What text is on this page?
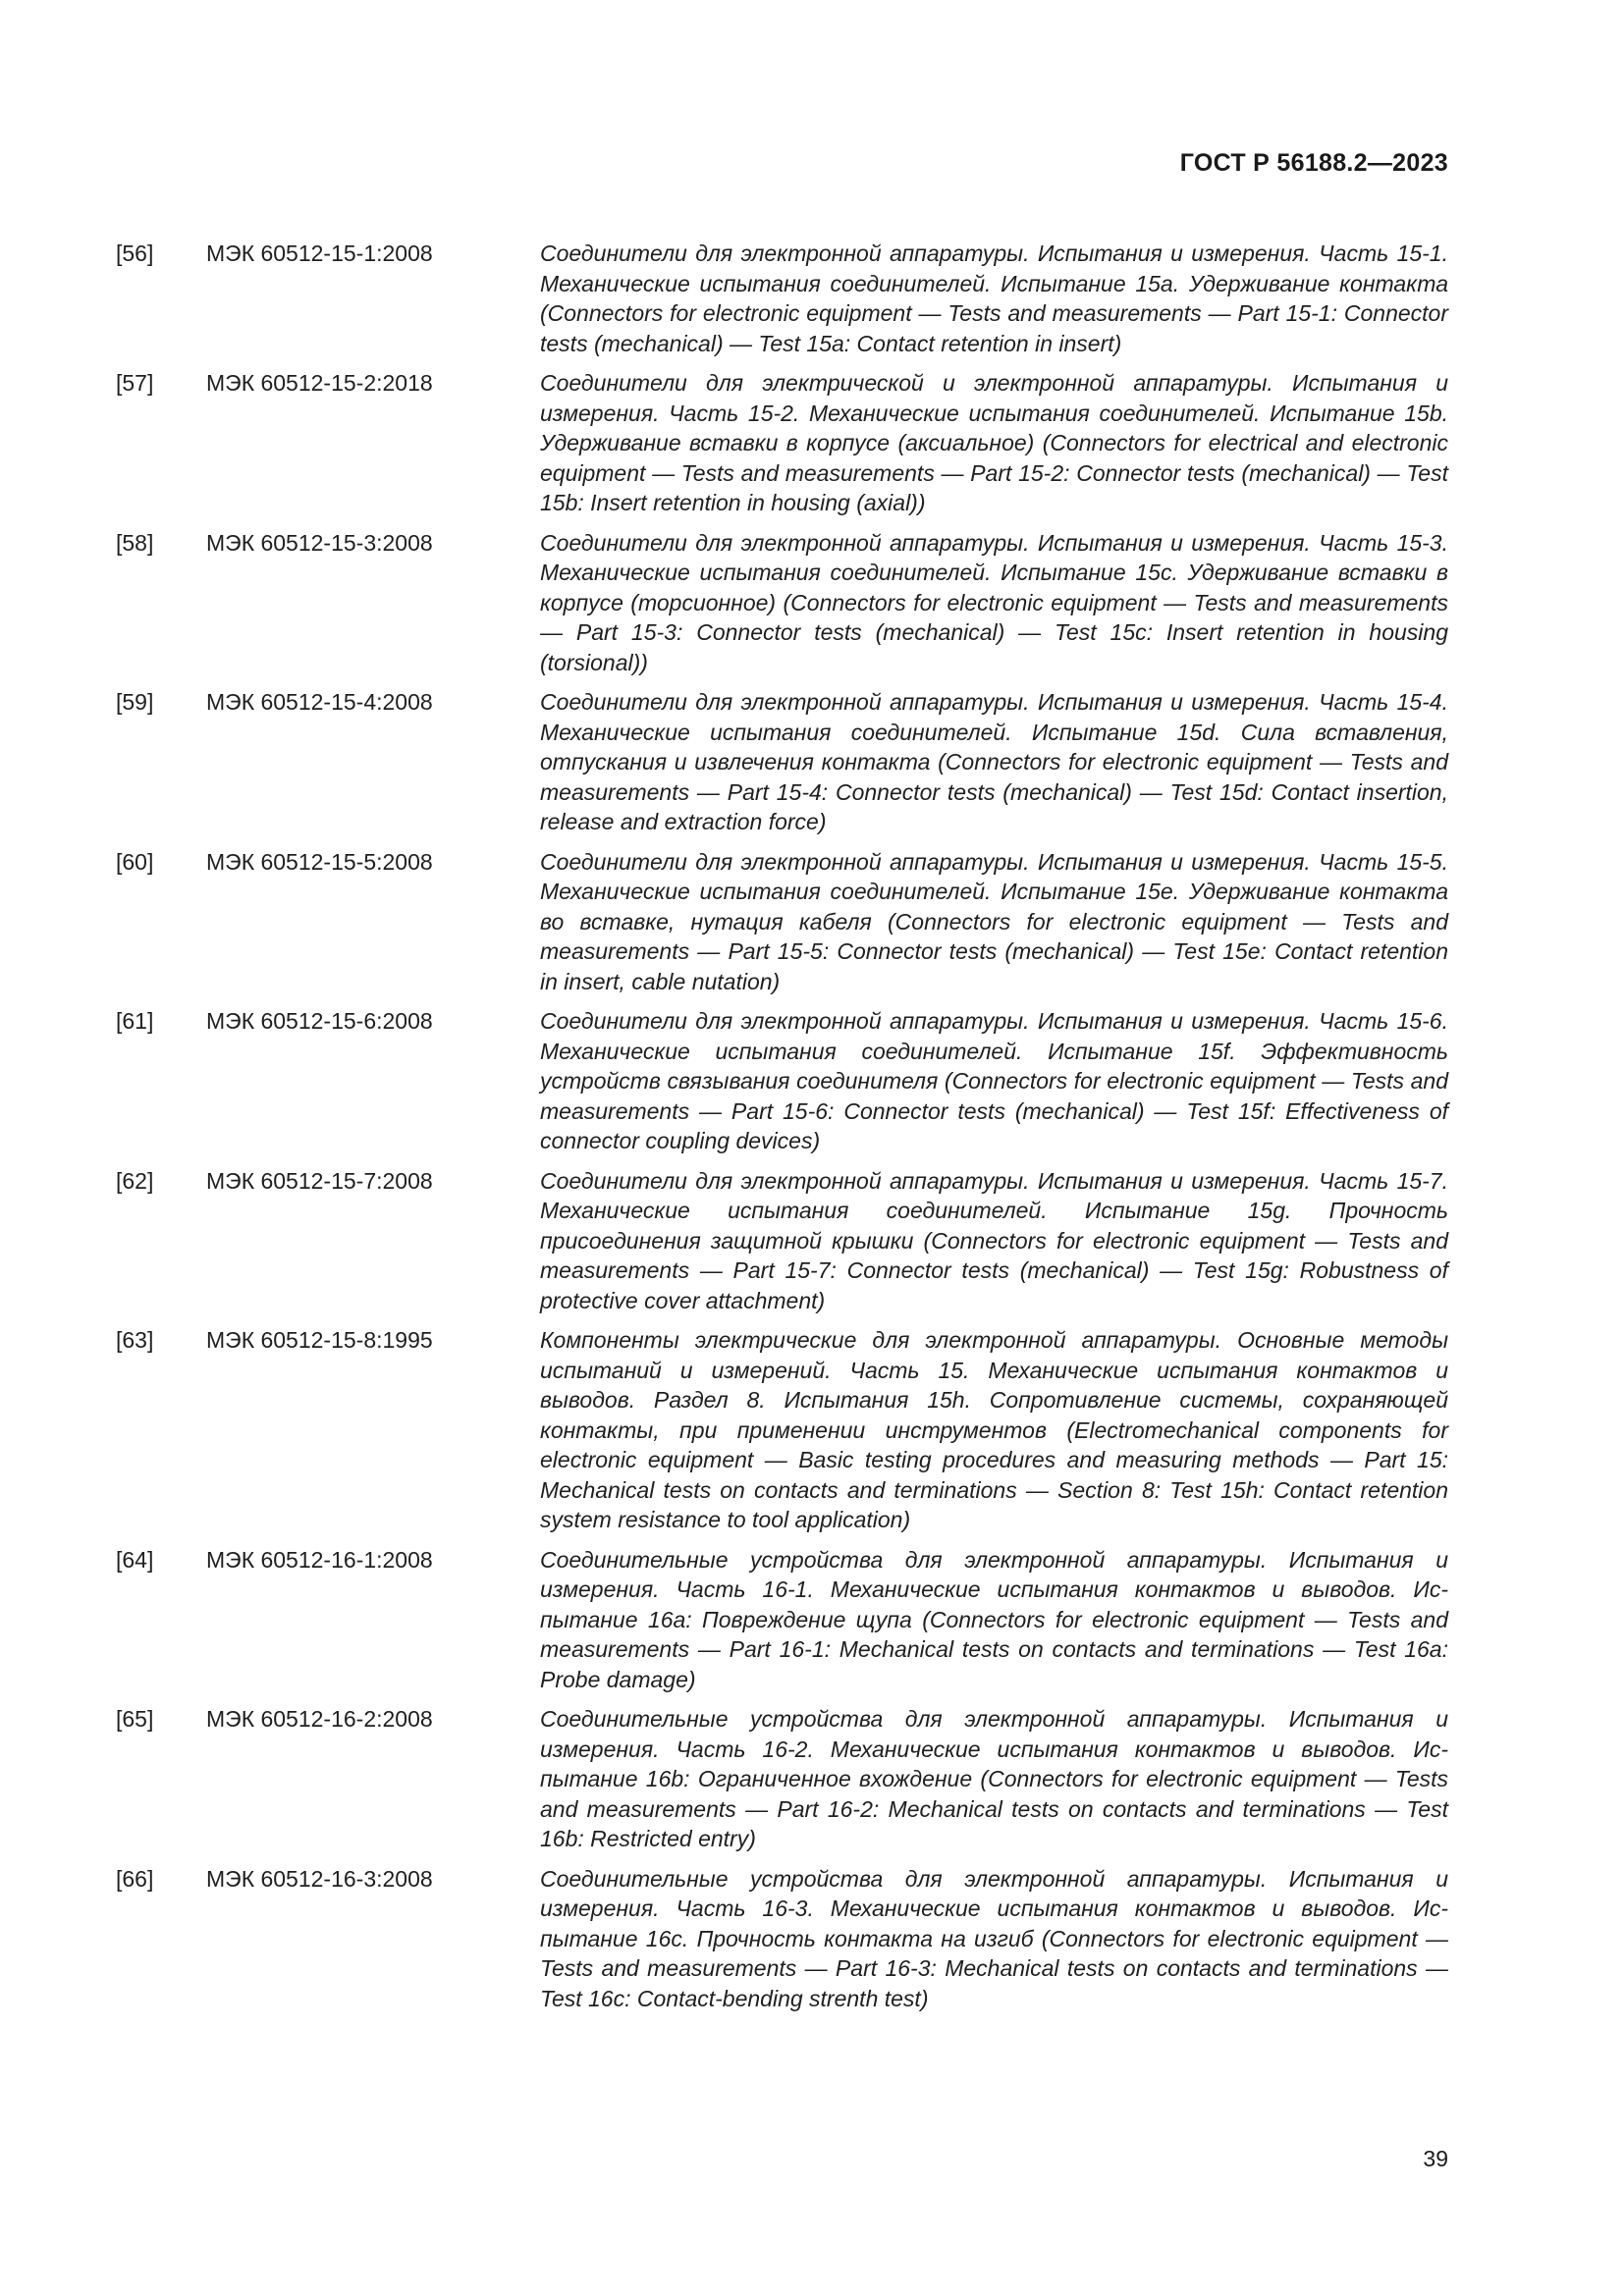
ГОСТ Р 56188.2—2023
[56]	МЭК 60512-15-1:2008	Соединители для электронной аппаратуры. Испытания и измерения. Часть 15-1. Механические испытания соединителей. Испытание 15а. Удерживание контакта (Connectors for electronic equipment — Tests and measurements — Part 15-1: Connector tests (mechanical) — Test 15a: Contact retention in insert)
[57]	МЭК 60512-15-2:2018	Соединители для электрической и электронной аппаратуры. Испытания и измерения. Часть 15-2. Механические испытания соединителей. Испытание 15b. Удерживание вставки в корпусе (аксиальное) (Connectors for electrical and electronic equipment — Tests and measurements — Part 15-2: Connector tests (mechanical) — Test 15b: Insert retention in housing (axial))
[58]	МЭК 60512-15-3:2008	Соединители для электронной аппаратуры. Испытания и измерения. Часть 15-3. Механические испытания соединителей. Испытание 15с. Удерживание вставки в корпусе (торсионное) (Connectors for electronic equipment — Tests and measurements — Part 15-3: Connector tests (mechanical) — Test 15c: Insert retention in housing (torsional))
[59]	МЭК 60512-15-4:2008	Соединители для электронной аппаратуры. Испытания и измерения. Часть 15-4. Механические испытания соединителей. Испытание 15d. Сила вставления, отпускания и извлечения контакта (Connectors for electronic equipment — Tests and measurements — Part 15-4: Connector tests (mechanical) — Test 15d: Contact insertion, release and extraction force)
[60]	МЭК 60512-15-5:2008	Соединители для электронной аппаратуры. Испытания и измерения. Часть 15-5. Механические испытания соединителей. Испытание 15е. Удерживание контакта во вставке, нутация кабеля (Connectors for electronic equipment — Tests and measurements — Part 15-5: Connector tests (mechanical) — Test 15e: Contact retention in insert, cable nutation)
[61]	МЭК 60512-15-6:2008	Соединители для электронной аппаратуры. Испытания и измерения. Часть 15-6. Механические испытания соединителей. Испытание 15f. Эффективность устройств связывания соединителя (Connectors for electronic equipment — Tests and measurements — Part 15-6: Connector tests (mechanical) — Test 15f: Effectiveness of connector coupling devices)
[62]	МЭК 60512-15-7:2008	Соединители для электронной аппаратуры. Испытания и измерения. Часть 15-7. Механические испытания соединителей. Испытание 15g. Прочность присоединения защитной крышки (Connectors for electronic equipment — Tests and measurements — Part 15-7: Connector tests (mechanical) — Test 15g: Robustness of protective cover attachment)
[63]	МЭК 60512-15-8:1995	Компоненты электрические для электронной аппаратуры. Основные методы испытаний и измерений. Часть 15. Механические испытания контактов и выводов. Раздел 8. Испытания 15h. Сопротивление системы, сохраняющей контакты, при применении инструментов (Electromechanical components for electronic equipment — Basic testing procedures and measuring methods — Part 15: Mechanical tests on contacts and terminations — Section 8: Test 15h: Contact retention system resistance to tool application)
[64]	МЭК 60512-16-1:2008	Соединительные устройства для электронной аппаратуры. Испытания и измерения. Часть 16-1. Механические испытания контактов и выводов. Испытание 16а: Повреждение щупа (Connectors for electronic equipment — Tests and measurements — Part 16-1: Mechanical tests on contacts and terminations — Test 16a: Probe damage)
[65]	МЭК 60512-16-2:2008	Соединительные устройства для электронной аппаратуры. Испытания и измерения. Часть 16-2. Механические испытания контактов и выводов. Испытание 16b: Ограниченное вхождение (Connectors for electronic equipment — Tests and measurements — Part 16-2: Mechanical tests on contacts and terminations — Test 16b: Restricted entry)
[66]	МЭК 60512-16-3:2008	Соединительные устройства для электронной аппаратуры. Испытания и измерения. Часть 16-3. Механические испытания контактов и выводов. Испытание 16с. Прочность контакта на изгиб (Connectors for electronic equipment — Tests and measurements — Part 16-3: Mechanical tests on contacts and terminations — Test 16c: Contact-bending strenth test)
39
